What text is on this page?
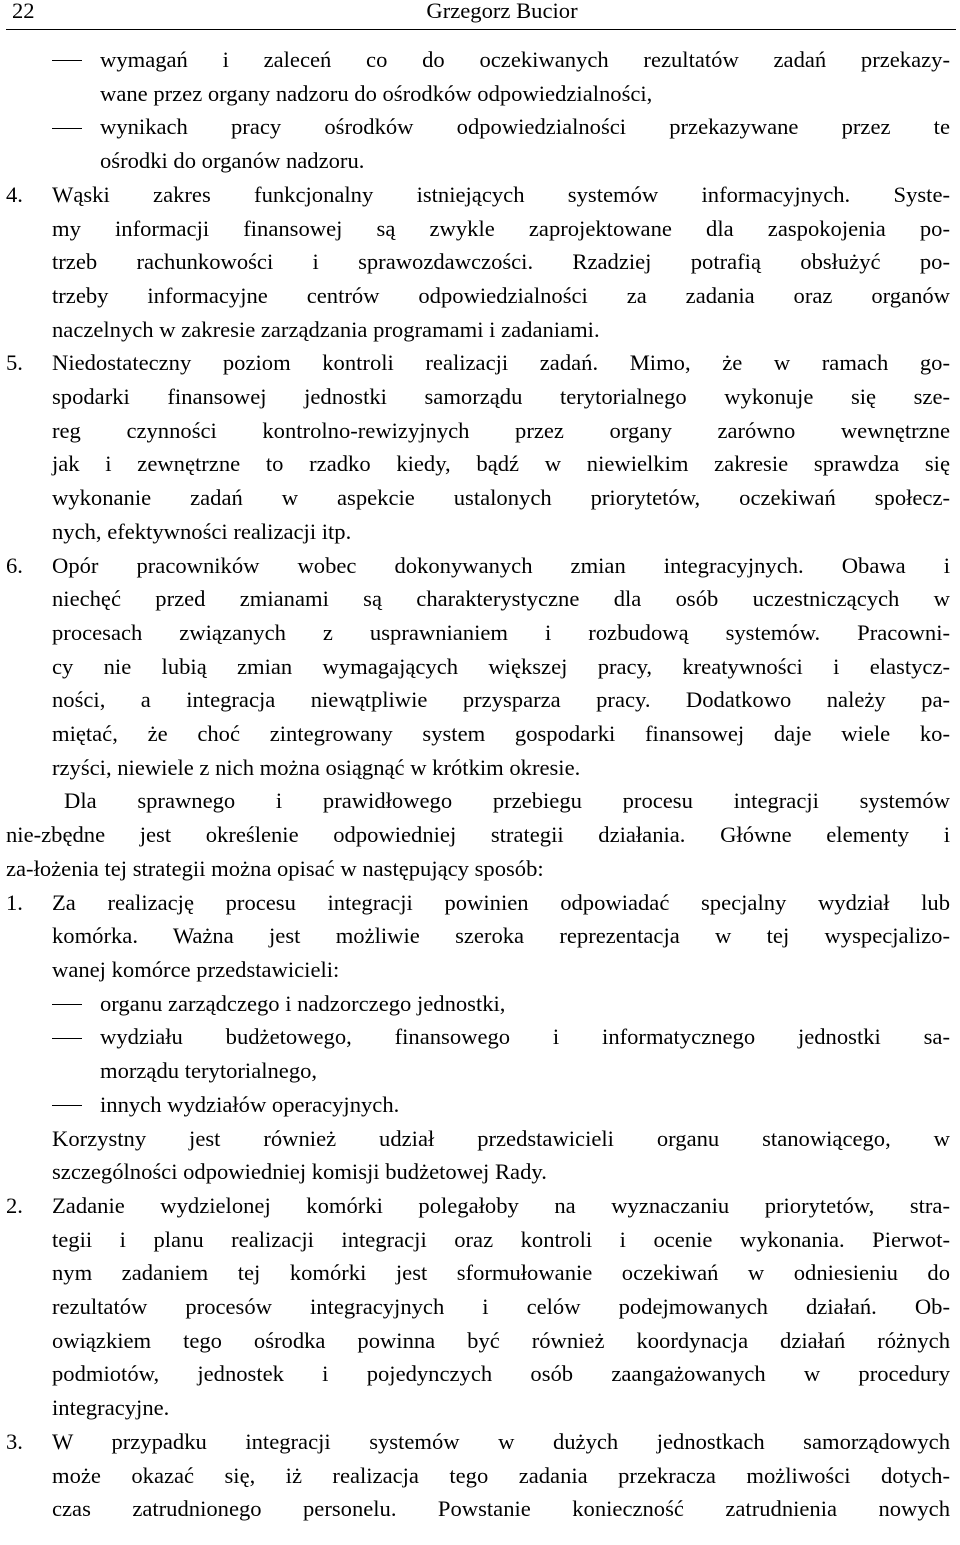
22	Grzegorz Bucior
wymagań i zaleceń co do oczekiwanych rezultatów zadań przekazy-
wane przez organy nadzoru do ośrodków odpowiedzialności,
wynikach pracy ośrodków odpowiedzialności przekazywane przez te
ośrodki do organów nadzoru.
4.	Wąski zakres funkcjonalny istniejących systemów informacyjnych. Syste-
my informacji finansowej są zwykle zaprojektowane dla zaspokojenia po-
trzeb rachunkowości i sprawozdawczości. Rzadziej potrafią obsłużyć po-
trzeby informacyjne centrów odpowiedzialności za zadania oraz organów
naczelnych w zakresie zarządzania programami i zadaniami.
5.	Niedostateczny poziom kontroli realizacji zadań. Mimo, że w ramach go-
spodarki finansowej jednostki samorządu terytorialnego wykonuje się sze-
reg czynności kontrolno-rewizyjnych przez organy zarówno wewnętrzne
jak i zewnętrzne to rzadko kiedy, bądź w niewielkim zakresie sprawdza się
wykonanie zadań w aspekcie ustalonych priorytetów, oczekiwań społecz-
nych, efektywności realizacji itp.
6.	Opór pracowników wobec dokonywanych zmian integracyjnych. Obawa i
niechęć przed zmianami są charakterystyczne dla osób uczestniczących w
procesach związanych z usprawnianiem i rozbudową systemów. Pracowni-
cy nie lubią zmian wymagających większej pracy, kreatywności i elastycz-
ności, a integracja niewątpliwie przysparza pracy. Dodatkowo należy pa-
miętać, że choć zintegrowany system gospodarki finansowej daje wiele ko-
rzyści, niewiele z nich można osiągnąć w krótkim okresie.
Dla sprawnego i prawidłowego przebiegu procesu integracji systemów
nie-zbędne jest określenie odpowiedniej strategii działania. Główne elementy i
za-łożenia tej strategii można opisać w następujący sposób:
1.	Za realizację procesu integracji powinien odpowiadać specjalny wydział lub
komórka. Ważna jest możliwie szeroka reprezentacja w tej wyspecjalizo-
wanej komórce przedstawicieli:
organu zarządczego i nadzorczego jednostki,
wydziału budżetowego, finansowego i informatycznego jednostki sa-
morządu terytorialnego,
innych wydziałów operacyjnych.
Korzystny jest również udział przedstawicieli organu stanowiącego, w
szczególności odpowiedniej komisji budżetowej Rady.
2.	Zadanie wydzielonej komórki polegałoby na wyznaczaniu priorytetów, stra-
tegii i planu realizacji integracji oraz kontroli i ocenie wykonania. Pierwot-
nym zadaniem tej komórki jest sformułowanie oczekiwań w odniesieniu do
rezultatów procesów integracyjnych i celów podejmowanych działań. Ob-
owiązkiem tego ośrodka powinna być również koordynacja działań różnych
podmiotów, jednostek i pojedynczych osób zaangażowanych w procedury
integracyjne.
3.	W przypadku integracji systemów w dużych jednostkach samorządowych
może okazać się, iż realizacja tego zadania przekracza możliwości dotych-
czas zatrudnionego personelu. Powstanie konieczność zatrudnienia nowych
